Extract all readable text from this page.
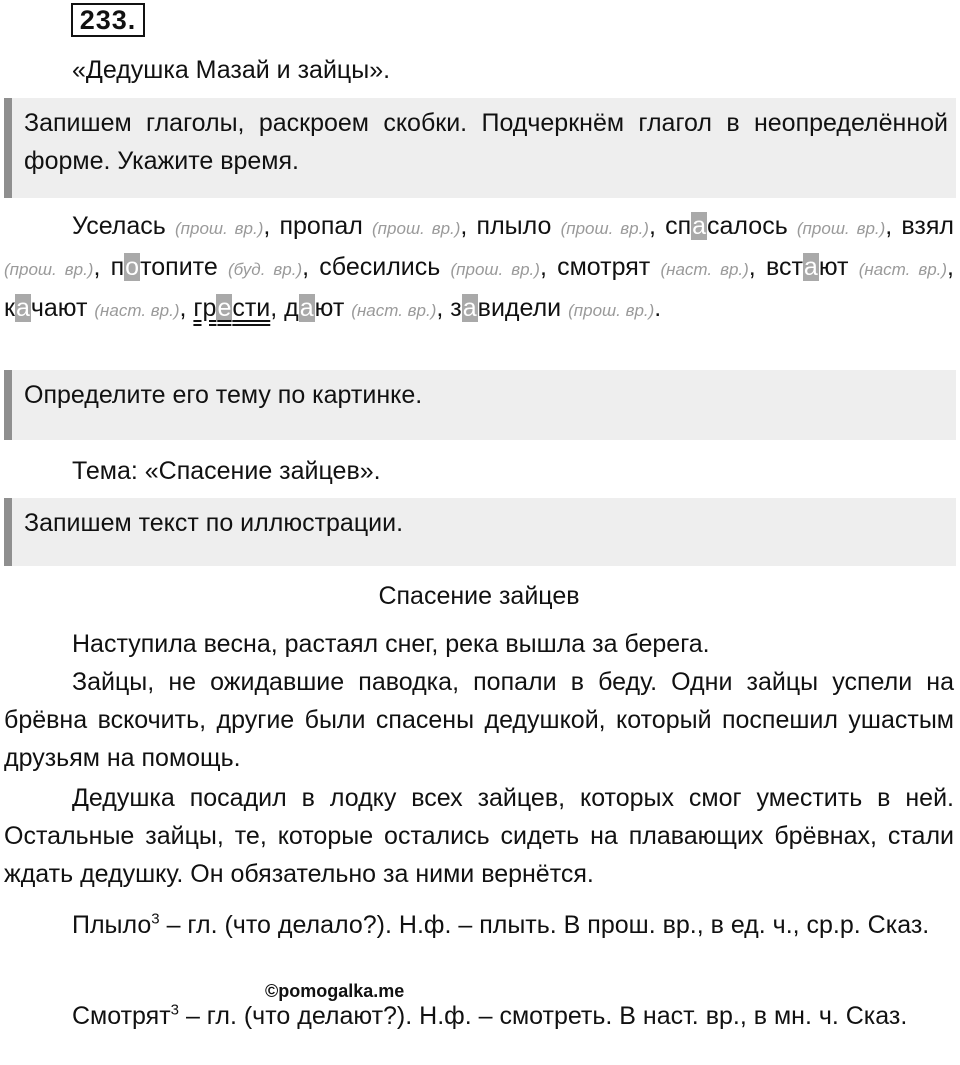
233.

«Дедушка Мазай и зайцы».

Запишем глаголы, раскроем скобки. Подчеркнём глагол в неопределённой форме. Укажите время.

Уселась (прош. вр.), пропал (прош. вр.), плыло (прош. вр.), спасалось (прош. вр.), взял (прош. вр.), потопите (буд. вр.), сбесились (прош. вр.), смотрят (наст. вр.), встают (наст. вр.), качают (наст. вр.), грести, дают (наст. вр.), завидели (прош. вр.).

Определите его тему по картинке.

Тема: «Спасение зайцев».

Запишем текст по иллюстрации.

Спасение зайцев

Наступила весна, растаял снег, река вышла за берега.

Зайцы, не ожидавшие паводка, попали в беду. Одни зайцы успели на брёвна вскочить, другие были спасены дедушкой, который поспешил ушастым друзьям на помощь.

Дедушка посадил в лодку всех зайцев, которых смог уместить в ней. Остальные зайцы, те, которые остались сидеть на плавающих брёвнах, стали ждать дедушку. Он обязательно за ними вернётся.

Плыло$^3$ – гл. (что делало?). Н.ф. – плыть. В прош. вр., в ед. ч., ср.р. Сказ.

©pomogalka.me

Смотрят$^3$ – гл. (что делают?). Н.ф. – смотреть. В наст. вр., в мн. ч. Сказ.
